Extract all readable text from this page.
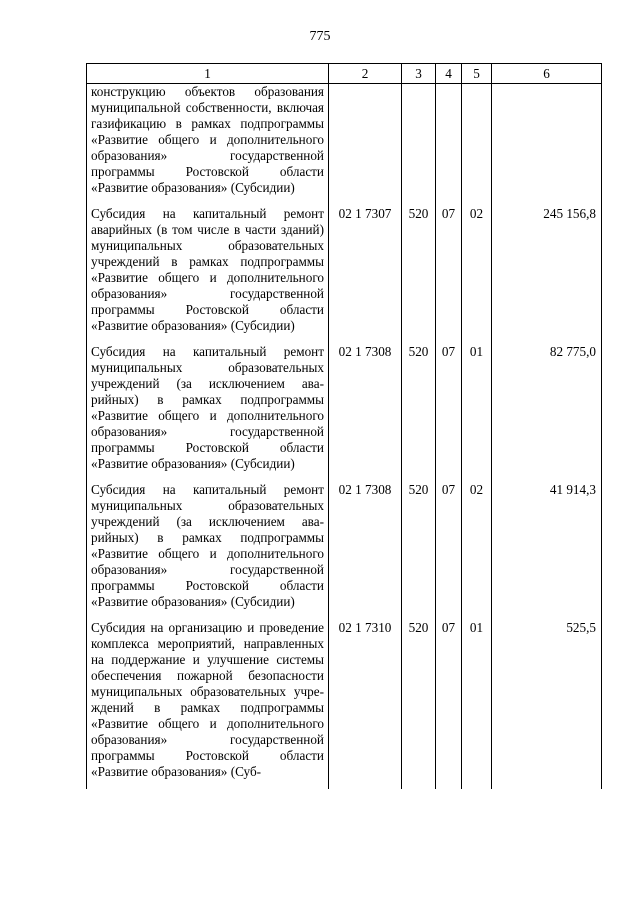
775
1	2	3	4	5	6
конструкцию объектов образования муниципальной собственности, включая газификацию в рамках подпрограммы «Развитие общего и дополнительного образования» государственной программы Ростовской области «Развитие образования» (Субсидии)					
Субсидия на капитальный ремонт аварийных (в том числе в части зданий) муниципальных образовательных учреждений в рамках подпрограммы «Развитие общего и дополнительного образования» государственной программы Ростовской области «Развитие образования» (Субсидии)	02 1 7307	520	07	02	245 156,8
Субсидия на капитальный ремонт муниципальных образовательных учреждений (за исключением аварийных) в рамках подпрограммы «Развитие общего и дополнительного образования» государственной программы Ростовской области «Развитие образования» (Субсидии)	02 1 7308	520	07	01	82 775,0
Субсидия на капитальный ремонт муниципальных образовательных учреждений (за исключением аварийных) в рамках подпрограммы «Развитие общего и дополнительного образования» государственной программы Ростовской области «Развитие образования» (Субсидии)	02 1 7308	520	07	02	41 914,3
Субсидия на организацию и проведение комплекса мероприятий, направленных на поддержание и улучшение системы обеспечения пожарной безопасности муниципальных образовательных учреждений в рамках подпрограммы «Развитие общего и дополнительного образования» государственной программы Ростовской области «Развитие образования» (Суб-	02 1 7310	520	07	01	525,5
